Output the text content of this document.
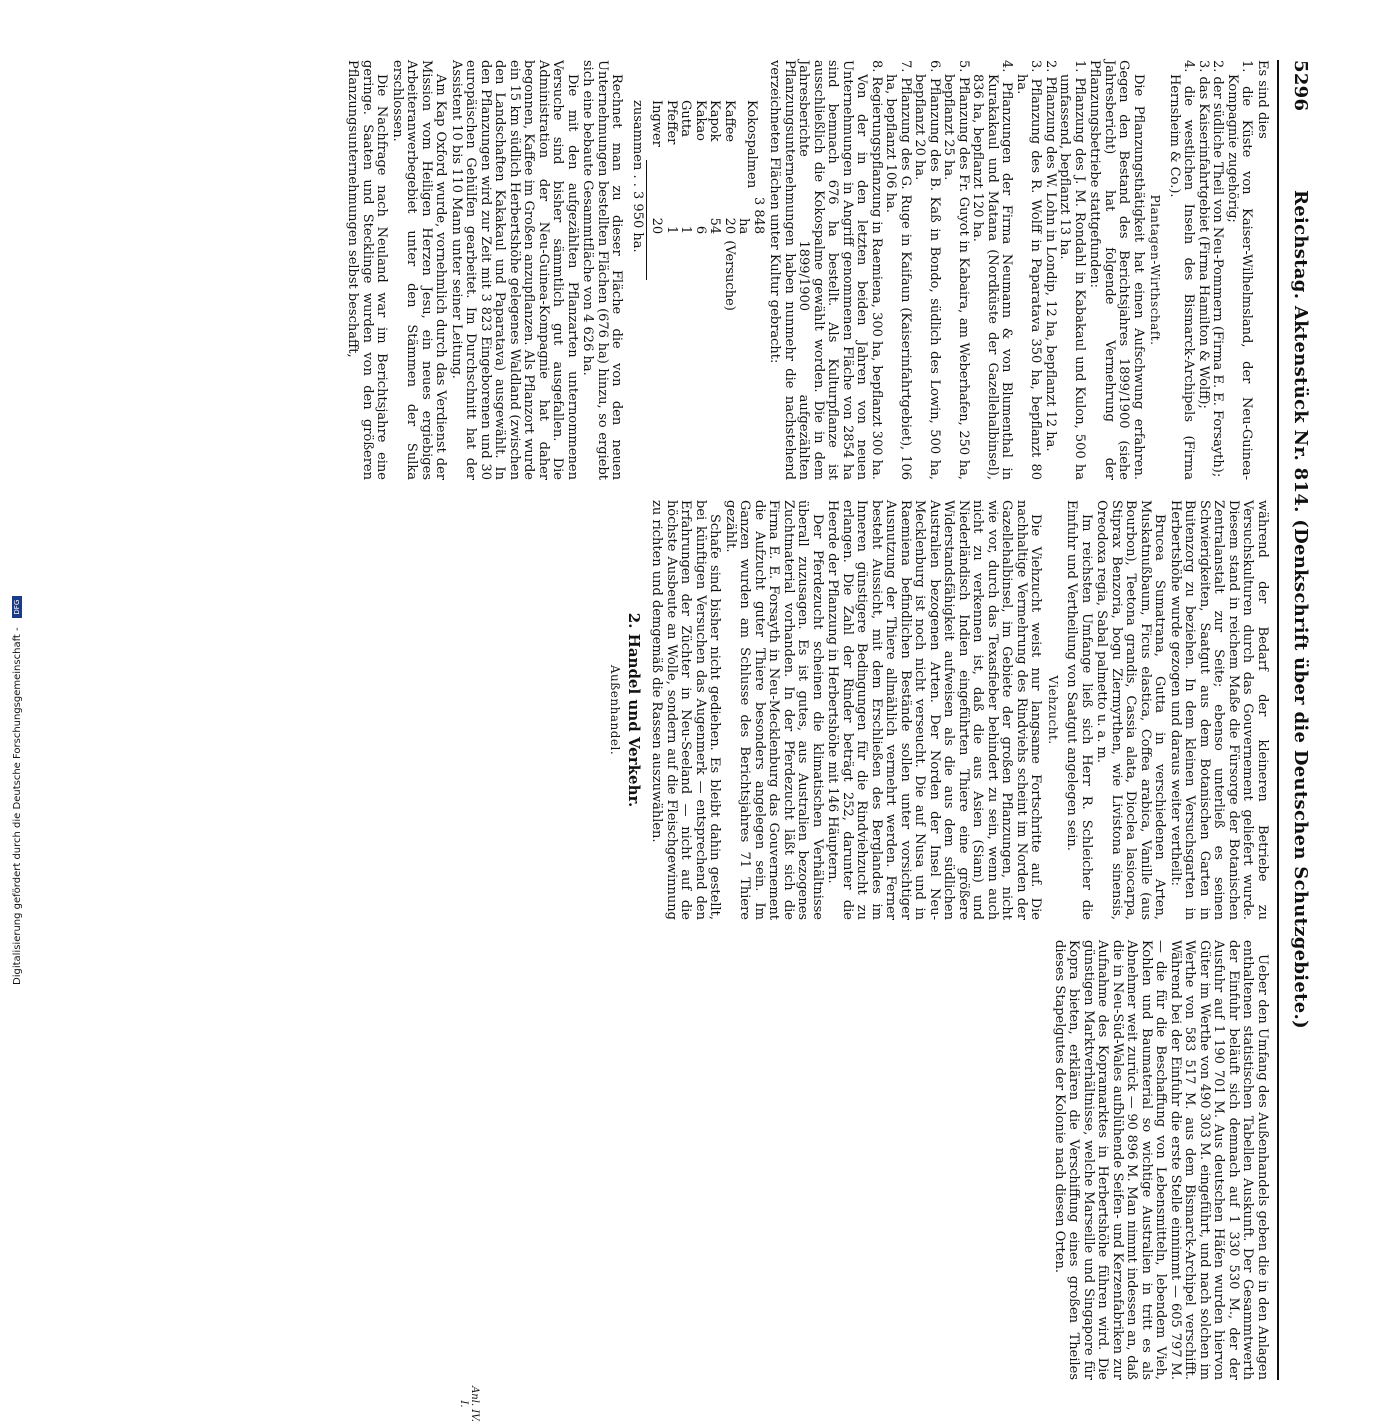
5296
Reichstag. Aktenstück Nr. 814. (Denkschrift über die Deutschen Schutzgebiete.)

Es sind dies

1. die Küste von Kaiser-Wilhelmsland, der Neu-Guinea-Kompagnie zugehörig;
2. der südliche Theil von Neu-Pommern (Firma E. E. Forsayth);
3. das Kaiserinfahrtgebiet (Firma Hamilton & Wolff);
4. die westlichen Inseln des Bismarck-Archipels (Firma Hernsheim & Co.).
Plantagen-Wirthschaft.

Die Pflanzungsthätigkeit hat einen Aufschwung erfahren. Gegen den Bestand des Berichtsjahres 1899/1900 (siehe Jahresbericht) hat folgende Vermehrung der Pflanzungsbetriebe stattgefunden:

1. Pflanzung des J. M. Rondahl in Kabakaul und Kulon, 500 ha umfassend, bepflanzt 13 ha.
2. Pflanzung des W. Lohn in Londip, 12 ha, bepflanzt 12 ha.
3. Pflanzung des R. Wolff in Paparatava 350 ha, bepflanzt 80 ha.
4. Pflanzungen der Firma Neumann & von Blumenthal in Kurakakaul und Matana (Nordküste der Gazellehalbinsel), 836 ha, bepflanzt 120 ha.
5. Pflanzung des Fr. Guyot in Kabaira, am Weberhafen, 250 ha, bepflanzt 25 ha.
6. Pflanzung des B. Kaß in Bondo, südlich des Lowin, 500 ha, bepflanzt 20 ha.
7. Pflanzung des G. Ruge in Kaifaun (Kaiserinfahrtgebiet), 106 ha, bepflanzt 106 ha.
8. Regierungspflanzung in Raemiena, 300 ha, bepflanzt 300 ha.

Von der in den letzten beiden Jahren von neuen Unternehmungen in Angriff genommenen Fläche von 2854 ha sind bemnach 676 ha bestellt. Als Kulturpflanze ist ausschließlich die Kokospalme gewählt worden. Die in dem Jahresberichte 1899/1900 aufgezählten Pflanzungsunternehmungen haben nunmehr die nachstehend verzeichneten Flächen unter Kultur gebracht:

Kokospalmen	3 848 ha	
Kaffee	20	(Versuche)
Kapok	54	
Kakao	6	
Gutta	1	
Pfeffer	1	
Ingwer	20	
zusammen . . 3 950 ha.

Rechnet man zu dieser Fläche die von den neuen Unternehmungen bestellten Flächen (676 ha) hinzu, so ergiebt sich eine bebaute Gesammtfläche von 4 626 ha.

Die mit den aufgezählten Pflanzarten unternommenen Versuche sind bisher sämmtlich gut ausgefallen. Die Administration der Neu-Guinea-Kompagnie hat daher begonnen, Kaffee im Großen anzupflanzen. Als Pflanzort wurde ein 15 km südlich Herbertshöhe gelegenes Waldland (zwischen den Landschaften Kakakaul und Paparatava) ausgewählt. In den Pflanzungen wird zur Zeit mit 3 823 Eingeborenen und 30 europäischen Gehülfen gearbeitet. Im Durchschnitt hat der Assistent 10 bis 110 Mann unter seiner Leitung.

Am Kap Oxford wurde, vornehmlich durch das Verdienst der Mission vom Heiligen Herzen Jesu, ein neues ergiebiges Arbeiteranwerbegebiet unter den Stämmen der Sulka erschlossen.

Die Nachfrage nach Neuland war im Berichtsjahre eine geringe. Saaten und Stecklinge wurden von den größeren Pflanzungsunternehmungen selbst beschafft,

während der Bedarf der kleineren Betriebe zu Versuchskulturen durch das Gouvernement geliefert wurde. Diesem stand in reichem Maße die Fürsorge der Botanischen Zentralanstalt zur Seite; ebenso unterließ es seinen Schwierigkeiten, Saatgut aus dem Botanischen Garten in Buitenzorg zu beziehen. In dem kleinen Versuchsgarten in Herbertshöhe wurde gezogen und daraus weiter vertheilt:

Brucea Sumatrana, Gutta in verschiedenen Arten, Muskatnußbaum, Ficus elastica, Coffea arabica, Vanille (aus Bourbon), Teetona grandis, Cassia alata, Dioclea lasiocarpa, Stiprax Benzoria, bogu Ziermyrthen, wie Livistona sinensis, Oreodoxa regia, Sabal palmetto u. a. m.

Im reichsten Umfange ließ sich Herr R. Schleicher die Einfuhr und Vertheilung von Saatgut angelegen sein.

Viehzucht.

Die Viehzucht weist nur langsame Fortschritte auf. Die nachhaltige Vermehrung des Rindviehs scheint im Norden der Gazellehalbinsel, im Gebiete der großen Pflanzungen, nicht wie vor, durch das Texasfieber behindert zu sein, wenn auch nicht zu verkennen ist, daß die aus Asien (Siam) und Niederländisch Indien eingeführten Thiere eine größere Widerstandsfähigkeit aufweisen als die aus dem südlichen Australien bezogenen Arten. Der Norden der Insel Neu-Mecklenburg ist noch nicht verseucht. Die auf Nusa und in Raemiena befindlichen Bestände sollen unter vorsichtiger Ausnutzung der Thiere allmählich vermehrt werden. Ferner besteht Aussicht, mit dem Erschließen des Berglandes im Inneren günstigere Bedingungen für die Rindviehzucht zu erlangen. Die Zahl der Rinder beträgt 252, darunter die Heerde der Pflanzung in Herbertshöhe mit 146 Häuptern.

Der Pferdezucht scheinen die klimatischen Verhältnisse überall zuzusagen. Es ist gutes, aus Australien bezogenes Zuchtmaterial vorhanden. In der Pferdezucht läßt sich die Firma E. E. Forsayth in Neu-Mecklenburg das Gouvernement die Aufzucht guter Thiere besonders angelegen sein. Im Ganzen wurden am Schlusse des Berichtsjahres 71 Thiere gezählt.

Schafe sind bisher nicht gediehen. Es bleibt dahin gestellt, bei künftigen Versuchen das Augenmerk — entsprechend den Erfahrungen der Züchter in Neu-Seeland — nicht auf die höchste Ausbeute an Wolle, sondern auf die Fleischgewinnung zu richten und demgemäß die Rassen auszuwählen.

2. Handel und Verkehr.
Außenhandel.

Ueber den Umfang des Außenhandels geben die in den Anlagen enthaltenen statistischen Tabellen Auskunft. Der Gesammtwerth der Einfuhr beläuft sich demnach auf 1 330 530 M., der der Ausfuhr auf 1 190 701 M. Aus deutschen Häfen wurden hiervon Güter im Werthe von 490 303 M. eingeführt, und nach solchen im Werthe von 583 517 M. aus dem Bismarck-Archipel verschifft. Während bei der Einfuhr die erste Stelle einnimmt — 605 797 M. — die für die Beschaffung von Lebensmitteln, lebendem Vieh, Kohlen und Baumaterial so wichtige Australien in tritt es als Abnehmer weit zurück — 90 896 M. Man nimmt indessen an, daß die in Neu-Süd-Wales aufblühende Seifen- und Kerzenfabriken zur Aufnahme des Kopramarktes in Herbertshöhe führen wird. Die günstigen Marktverhältnisse, welche Marseille und Singapore für Kopra bieten, erklären die Verschiffung eines großen Theiles dieses Stapelgutes der Kolonie nach diesen Orten.

Anl. IV. I.
Digitalisierung gefördert durch die Deutsche Forschungsgemeinschaft - DFG
